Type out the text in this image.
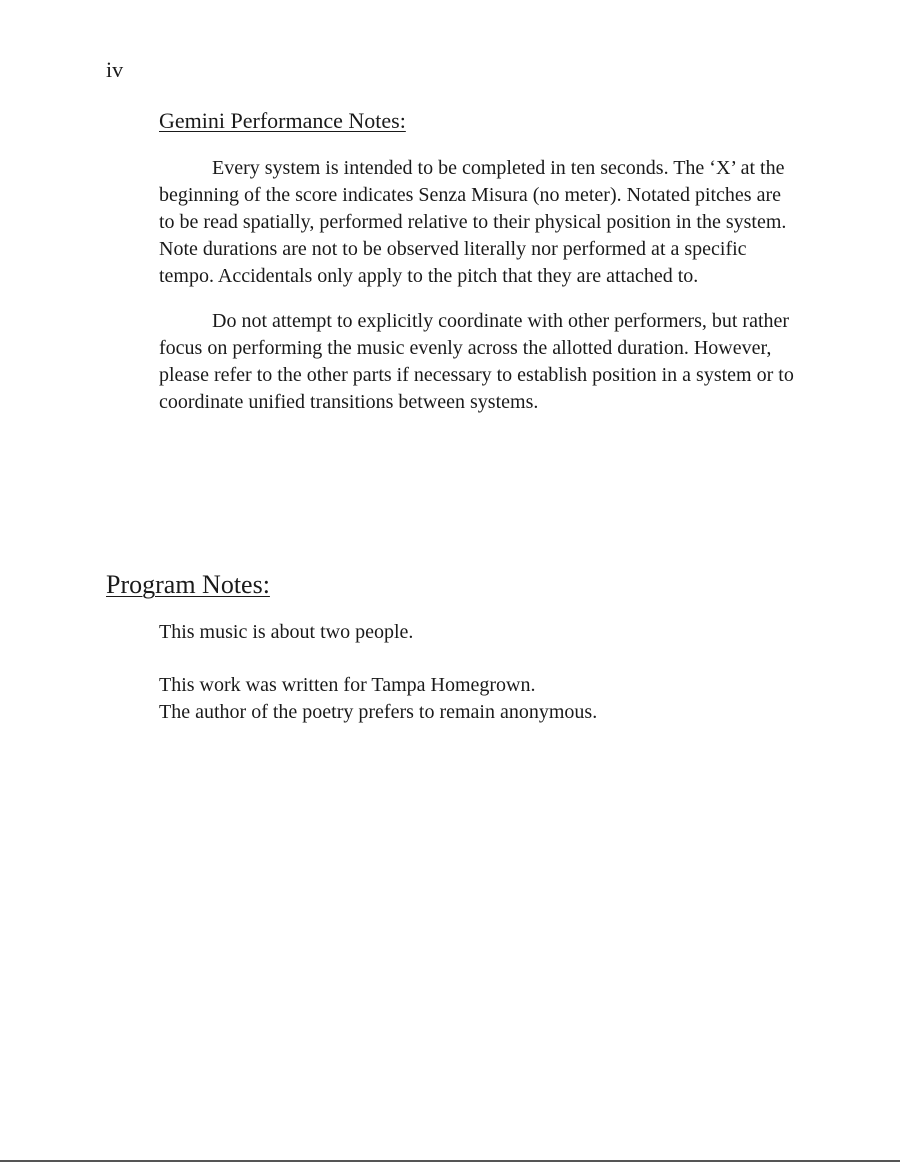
iv
Gemini Performance Notes:

Every system is intended to be completed in ten seconds. The ‘X’ at the beginning of the score indicates Senza Misura (no meter). Notated pitches are to be read spatially, performed relative to their physical position in the system. Note durations are not to be observed literally nor performed at a specific tempo. Accidentals only apply to the pitch that they are attached to.

Do not attempt to explicitly coordinate with other performers, but rather focus on performing the music evenly across the allotted duration. However, please refer to the other parts if necessary to establish position in a system or to coordinate unified transitions between systems.

Program Notes:

This music is about two people.

This work was written for Tampa Homegrown.

The author of the poetry prefers to remain anonymous.
